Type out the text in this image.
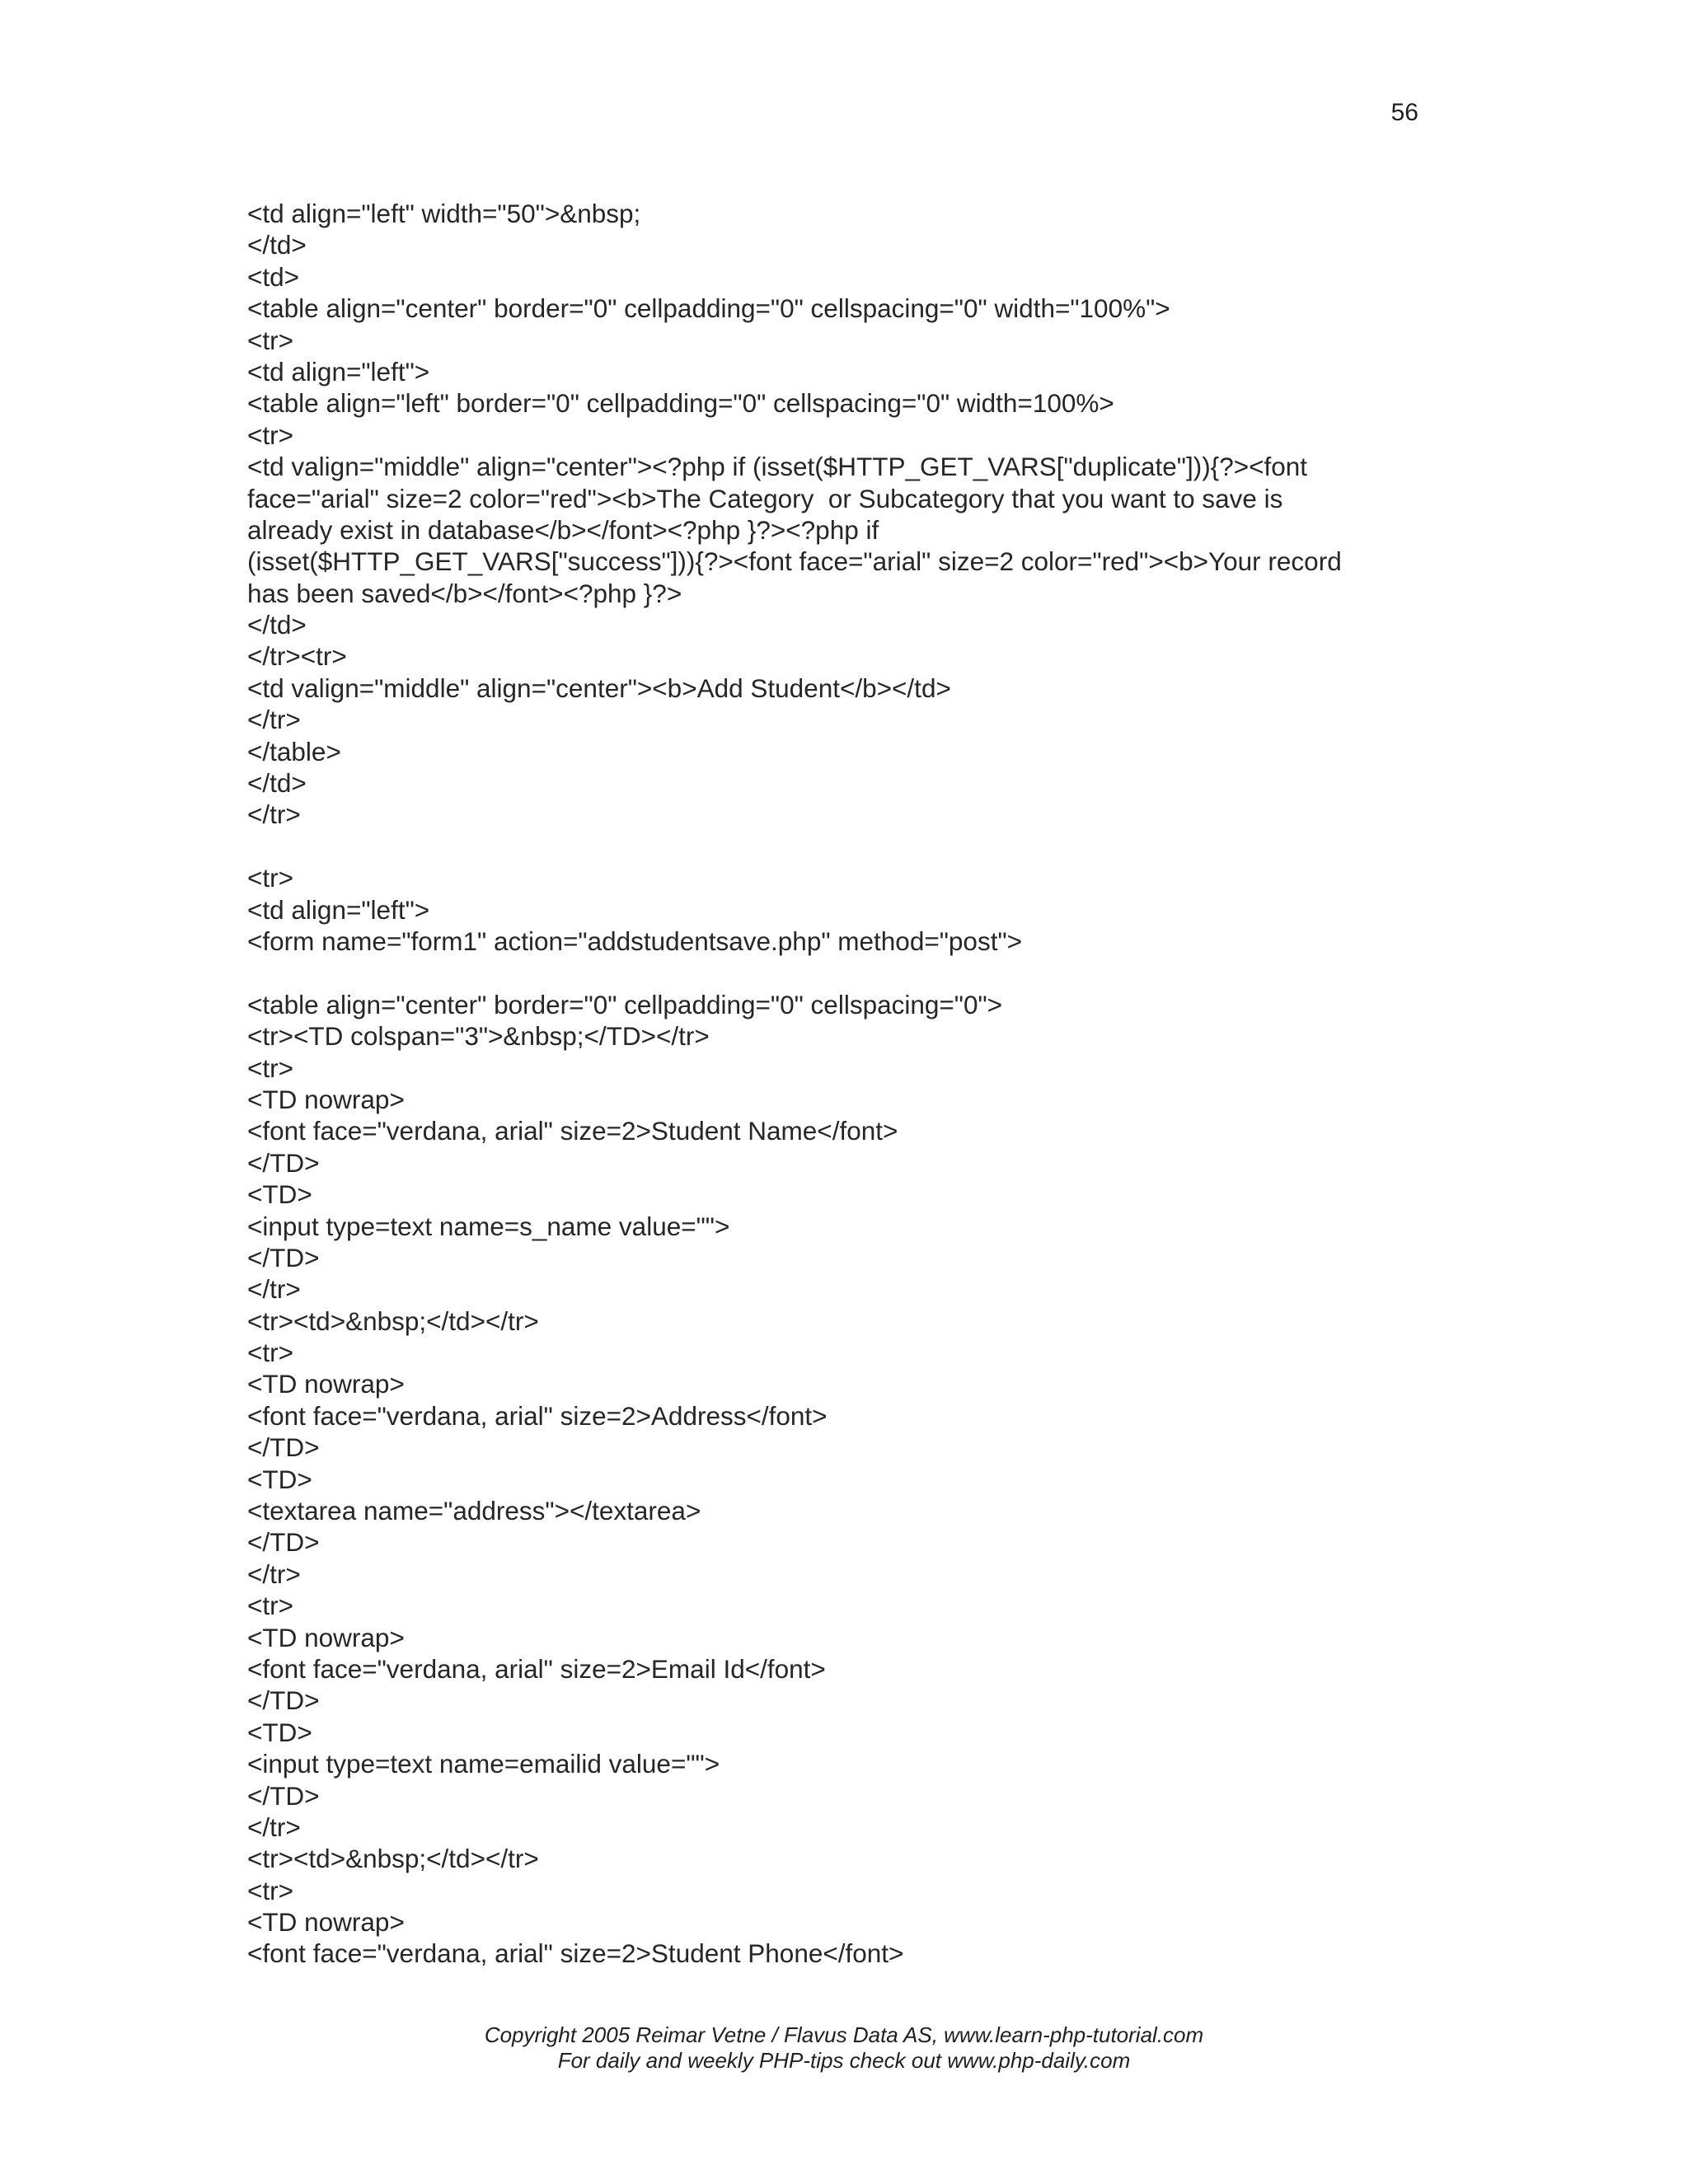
56
<td align="left" width="50">&nbsp;
</td>
<td>
<table align="center" border="0" cellpadding="0" cellspacing="0" width="100%">
<tr>
<td align="left">
<table align="left" border="0" cellpadding="0" cellspacing="0" width=100%>
<tr>
<td valign="middle" align="center"><?php if (isset($HTTP_GET_VARS["duplicate"])){?><font
face="arial" size=2 color="red"><b>The Category  or Subcategory that you want to save is
already exist in database</b></font><?php }?><?php if
(isset($HTTP_GET_VARS["success"])){?><font face="arial" size=2 color="red"><b>Your record
has been saved</b></font><?php }?>
</td>
</tr><tr>
<td valign="middle" align="center"><b>Add Student</b></td>
</tr>
</table>
</td>
</tr>
<tr>
<td align="left">
<form name="form1" action="addstudentsave.php" method="post">
<table align="center" border="0" cellpadding="0" cellspacing="0">
<tr><TD colspan="3">&nbsp;</TD></tr>
<tr>
<TD nowrap>
<font face="verdana, arial" size=2>Student Name</font>
</TD>
<TD>
<input type=text name=s_name value="">
</TD>
</tr>
<tr><td>&nbsp;</td></tr>
<tr>
<TD nowrap>
<font face="verdana, arial" size=2>Address</font>
</TD>
<TD>
<textarea name="address"></textarea>
</TD>
</tr>
<tr>
<TD nowrap>
<font face="verdana, arial" size=2>Email Id</font>
</TD>
<TD>
<input type=text name=emailid value="">
</TD>
</tr>
<tr><td>&nbsp;</td></tr>
<tr>
<TD nowrap>
<font face="verdana, arial" size=2>Student Phone</font>
Copyright 2005 Reimar Vetne / Flavus Data AS, www.learn-php-tutorial.com
For daily and weekly PHP-tips check out www.php-daily.com
